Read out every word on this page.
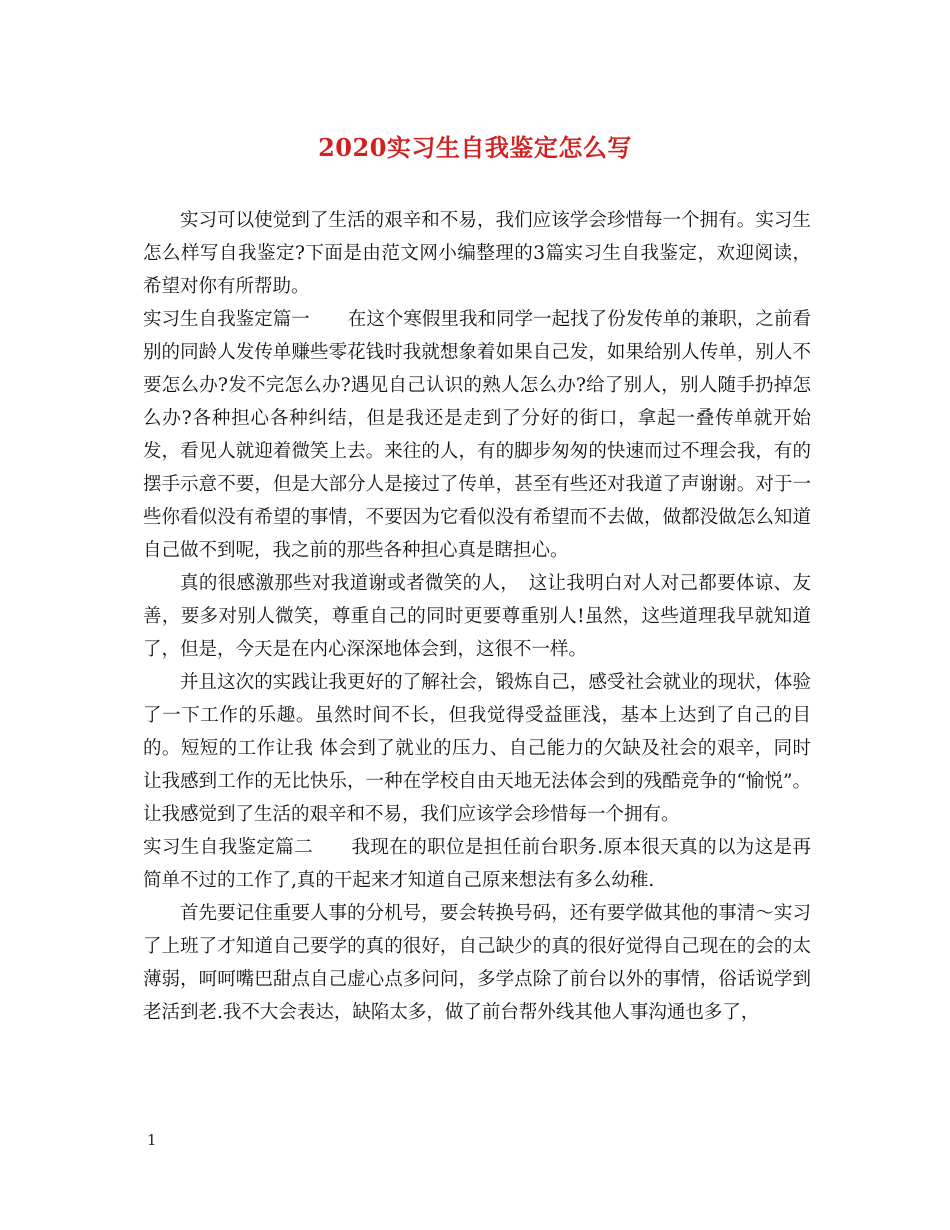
2020实习生自我鉴定怎么写

实习可以使觉到了生活的艰辛和不易，我们应该学会珍惜每一个拥有。实习生怎么样写自我鉴定?下面是由范文网小编整理的3篇实习生自我鉴定，欢迎阅读，希望对你有所帮助。

实习生自我鉴定篇一 在这个寒假里我和同学一起找了份发传单的兼职，之前看别的同龄人发传单赚些零花钱时我就想象着如果自己发，如果给别人传单，别人不要怎么办?发不完怎么办?遇见自己认识的熟人怎么办?给了别人，别人随手扔掉怎么办?各种担心各种纠结，但是我还是走到了分好的街口，拿起一叠传单就开始发，看见人就迎着微笑上去。来往的人，有的脚步匆匆的快速而过不理会我，有的摆手示意不要，但是大部分人是接过了传单，甚至有些还对我道了声谢谢。对于一些你看似没有希望的事情，不要因为它看似没有希望而不去做，做都没做怎么知道自己做不到呢，我之前的那些各种担心真是瞎担心。

真的很感激那些对我道谢或者微笑的人，　这让我明白对人对己都要体谅、友善，要多对别人微笑，尊重自己的同时更要尊重别人!虽然，这些道理我早就知道了，但是，今天是在内心深深地体会到，这很不一样。

并且这次的实践让我更好的了解社会，锻炼自己，感受社会就业的现状，体验了一下工作的乐趣。虽然时间不长，但我觉得受益匪浅，基本上达到了自己的目的。短短的工作让我 体会到了就业的压力、自己能力的欠缺及社会的艰辛，同时让我感到工作的无比快乐，一种在学校自由天地无法体会到的残酷竞争的“愉悦”。让我感觉到了生活的艰辛和不易，我们应该学会珍惜每一个拥有。

实习生自我鉴定篇二 我现在的职位是担任前台职务.原本很天真的以为这是再简单不过的工作了,真的干起来才知道自己原来想法有多么幼稚.

首先要记住重要人事的分机号，要会转换号码，还有要学做其他的事清～实习了上班了才知道自己要学的真的很好，自己缺少的真的很好觉得自己现在的会的太薄弱，呵呵嘴巴甜点自己虚心点多问问，多学点除了前台以外的事情，俗话说学到老活到老.我不大会表达，缺陷太多，做了前台帮外线其他人事沟通也多了，

1
